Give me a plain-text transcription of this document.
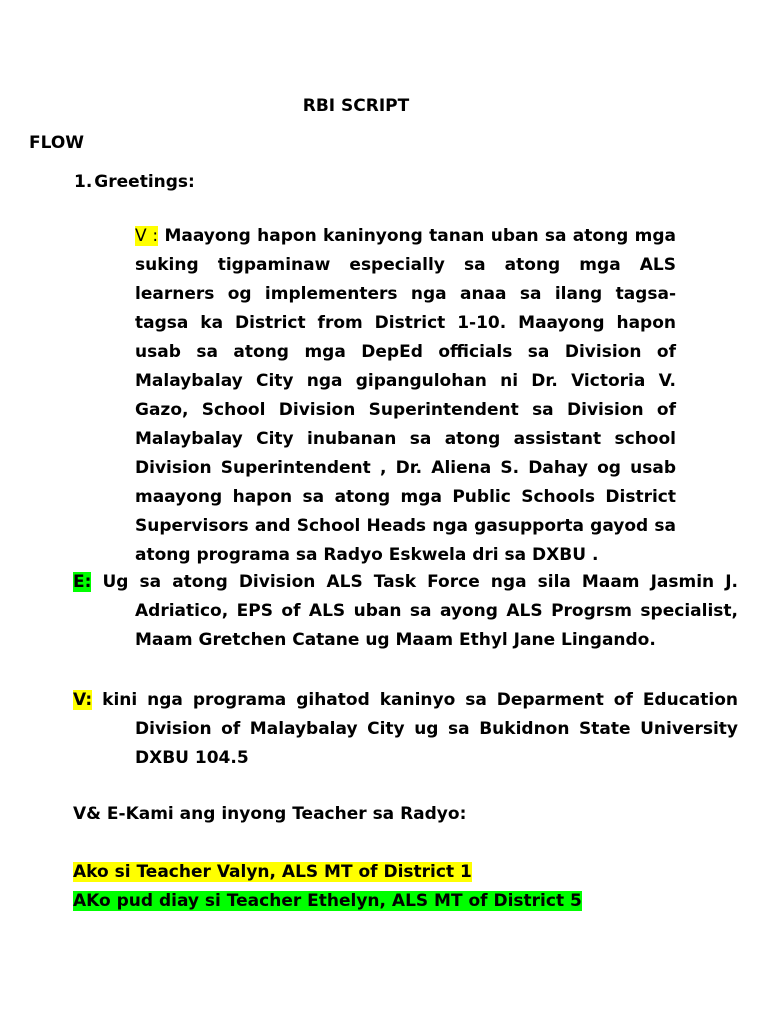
RBI SCRIPT
FLOW
1. Greetings:
V : Maayong hapon kaninyong tanan uban sa atong mga suking tigpaminaw especially sa atong mga ALS learners og implementers nga anaa sa ilang tagsa-tagsa ka District from District 1-10. Maayong hapon usab sa atong mga DepEd officials sa Division of Malaybalay City nga gipangulohan ni Dr. Victoria V. Gazo, School Division Superintendent sa Division of Malaybalay City inubanan sa atong assistant school Division Superintendent , Dr. Aliena S. Dahay og usab maayong hapon sa atong mga Public Schools District Supervisors and School Heads nga gasupporta gayod sa atong programa sa Radyo Eskwela dri sa DXBU .
E: Ug sa atong Division ALS Task Force nga sila Maam Jasmin J. Adriatico, EPS of ALS uban sa ayong ALS Progrsm specialist, Maam Gretchen Catane ug Maam Ethyl Jane Lingando.
V: kini nga programa gihatod kaninyo sa Deparment of Education Division of Malaybalay City ug sa Bukidnon State University DXBU 104.5
V& E-Kami ang inyong Teacher sa Radyo:
Ako si Teacher Valyn, ALS MT of District 1
AKo pud diay si Teacher Ethelyn, ALS MT of District 5
